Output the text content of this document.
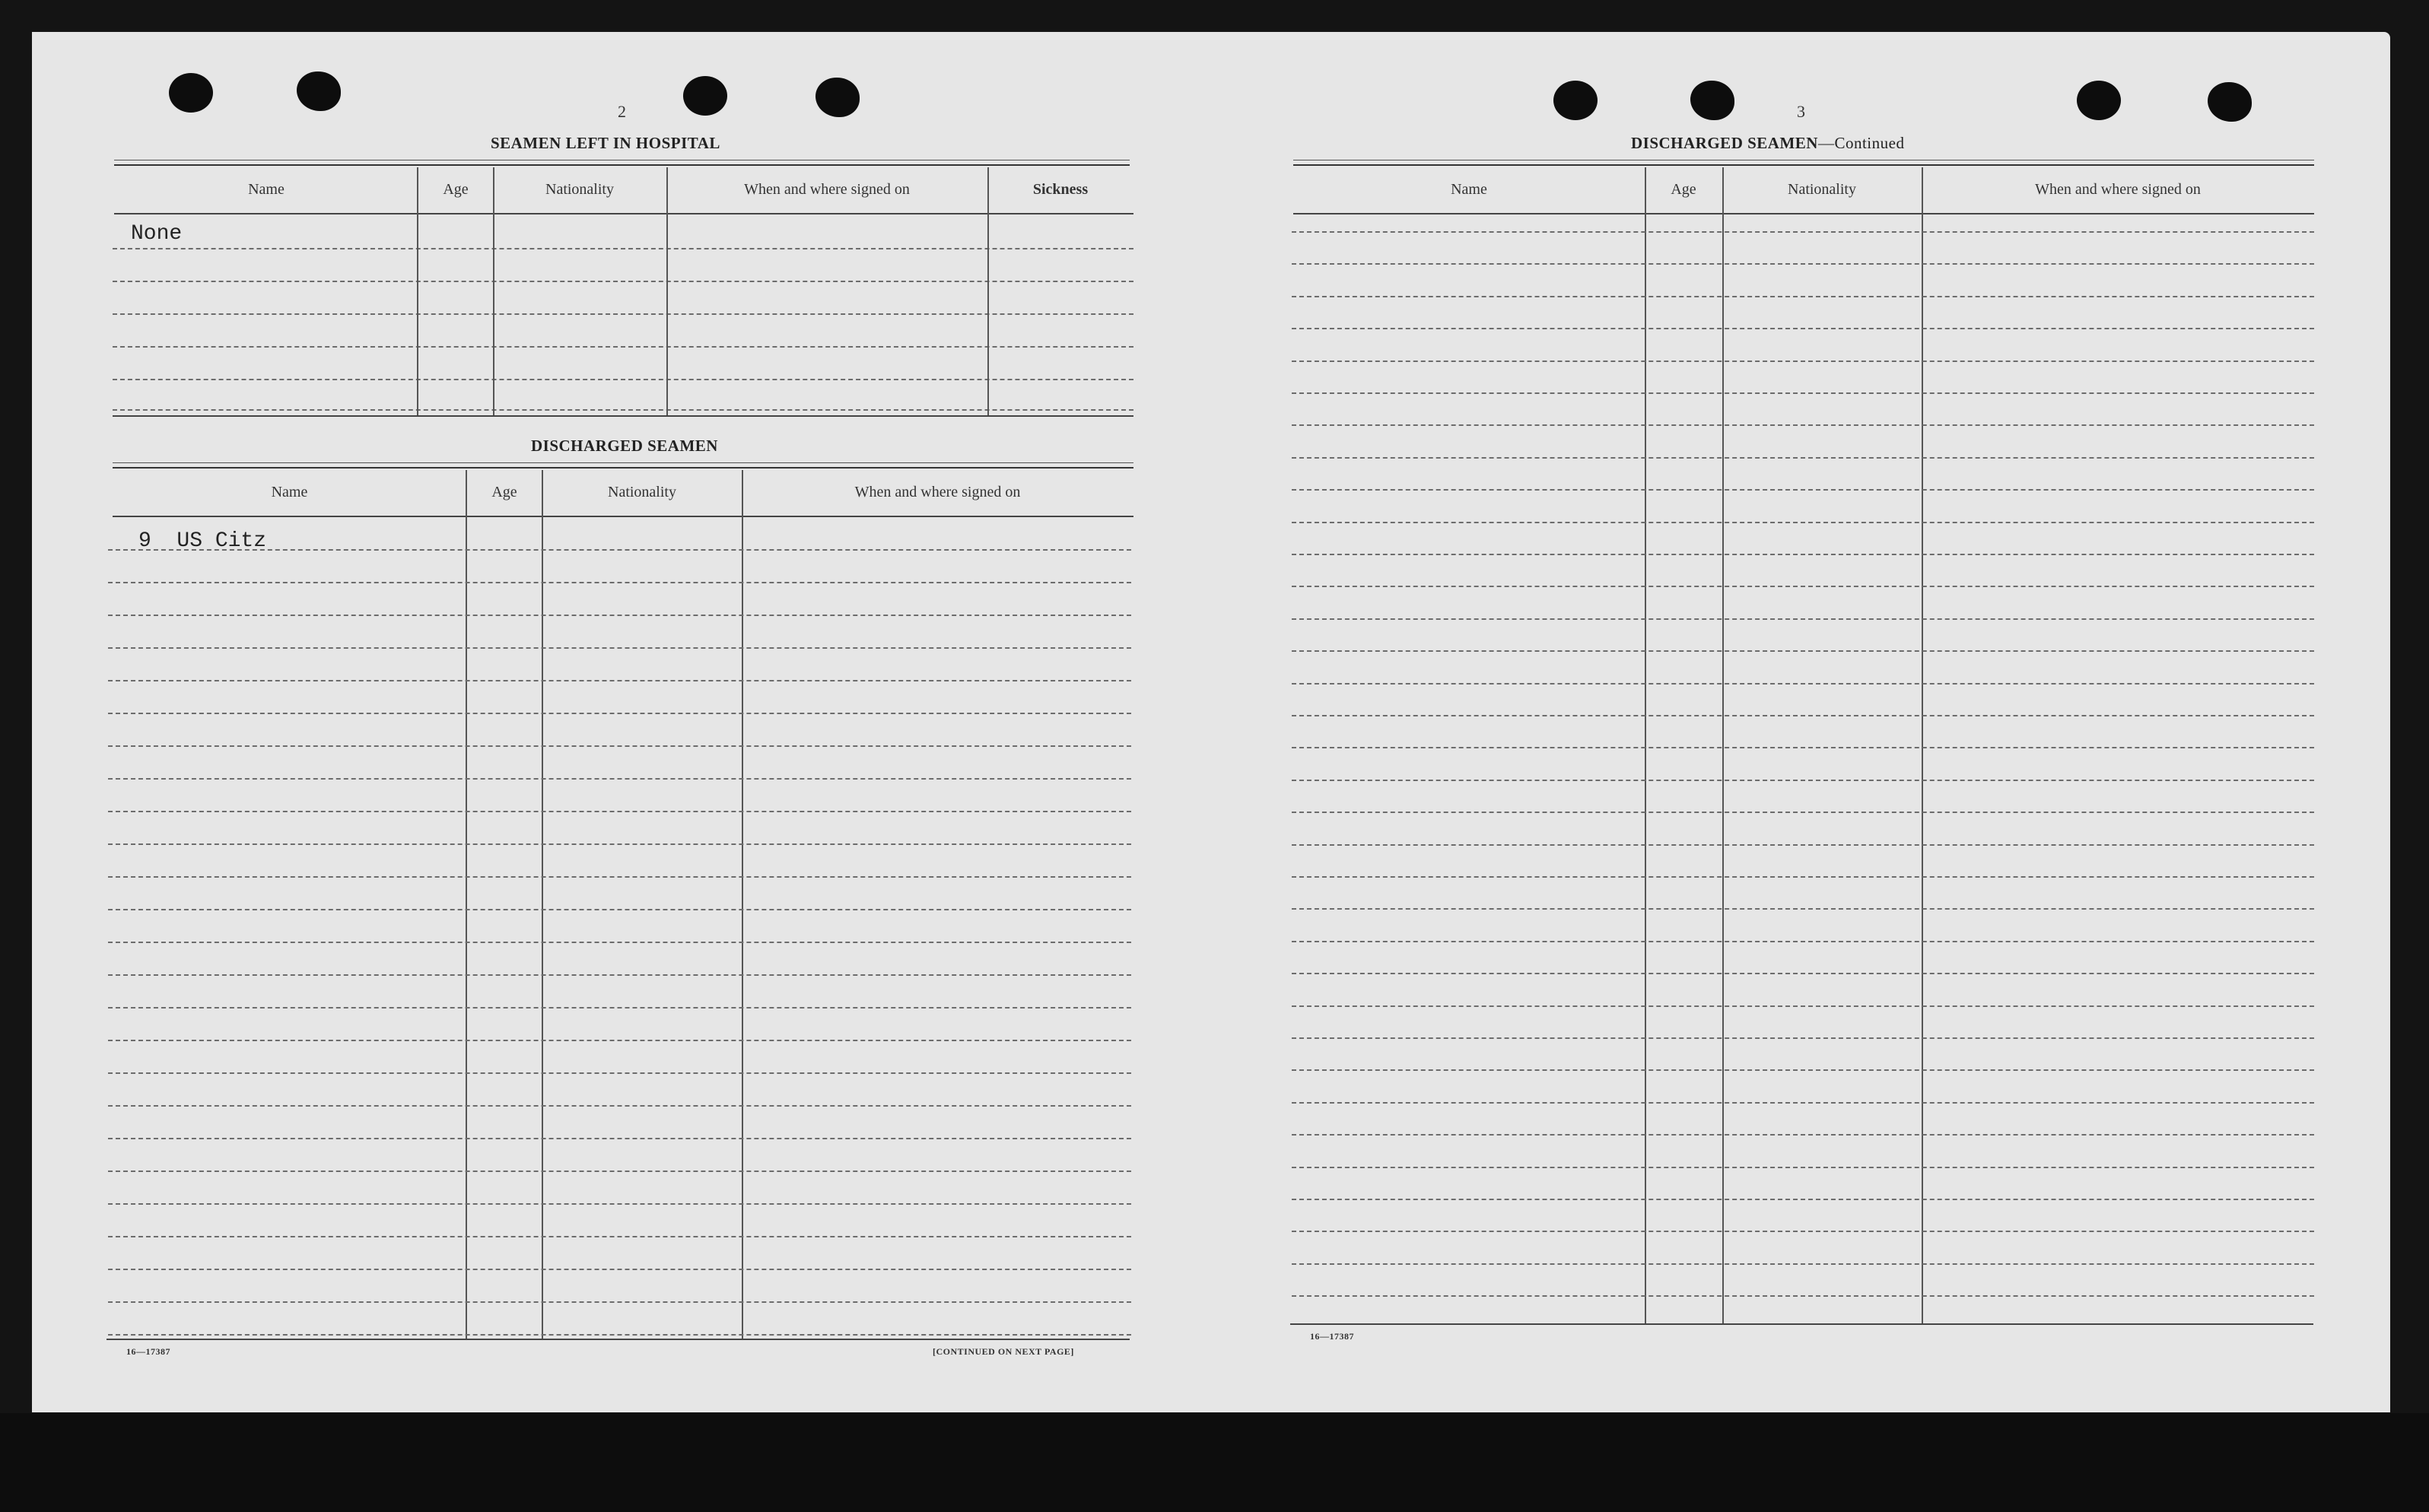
2
SEAMEN LEFT IN HOSPITAL
Name	Age	Nationality	When and where signed on	Sickness
None
DISCHARGED SEAMEN
Name	Age	Nationality	When and where signed on
9  US Citz
16—17387	[CONTINUED ON NEXT PAGE]
3
DISCHARGED SEAMEN—Continued
Name	Age	Nationality	When and where signed on
16—17387
